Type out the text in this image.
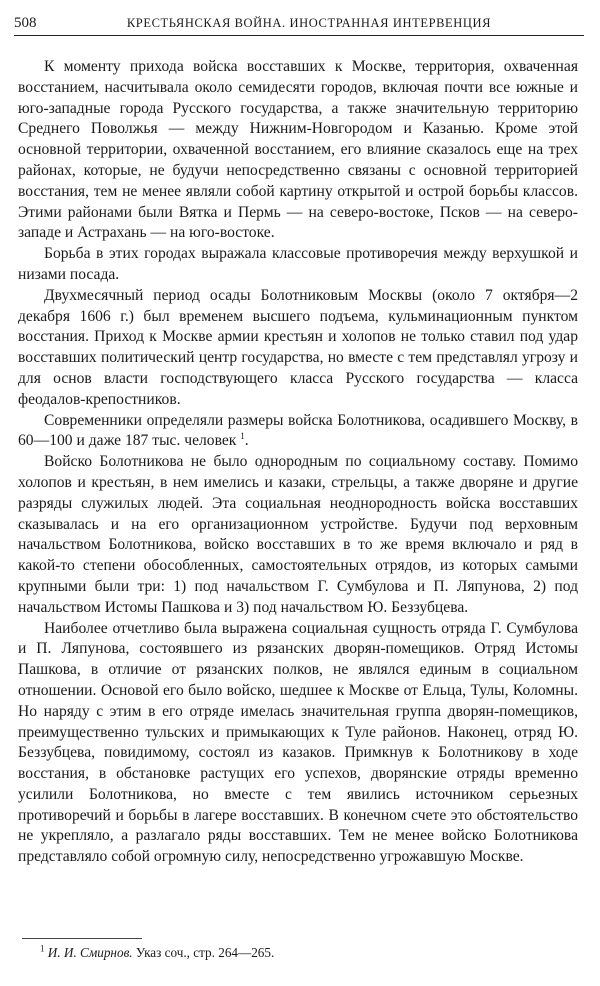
508	КРЕСТЬЯНСКАЯ ВОЙНА. ИНОСТРАННАЯ ИНТЕРВЕНЦИЯ

К моменту прихода войска восставших к Москве, территория, охваченная восстанием, насчитывала около семидесяти городов, включая почти все южные и юго-западные города Русского государства, а также значительную территорию Среднего Поволжья — между Нижним-Новгородом и Казанью. Кроме этой основной территории, охваченной восстанием, его влияние сказалось еще на трех районах, которые, не будучи непосредственно связаны с основной территорией восстания, тем не менее являли собой картину открытой и острой борьбы классов. Этими районами были Вятка и Пермь — на северо-востоке, Псков — на северо-западе и Астрахань — на юго-востоке.

Борьба в этих городах выражала классовые противоречия между верхушкой и низами посада.

Двухмесячный период осады Болотниковым Москвы (около 7 октября—2 декабря 1606 г.) был временем высшего подъема, кульминационным пунктом восстания. Приход к Москве армии крестьян и холопов не только ставил под удар восставших политический центр государства, но вместе с тем представлял угрозу и для основ власти господствующего класса Русского государства — класса феодалов-крепостников.

Современники определяли размеры войска Болотникова, осадившего Москву, в 60—100 и даже 187 тыс. человек $^1$.

Войско Болотникова не было однородным по социальному составу. Помимо холопов и крестьян, в нем имелись и казаки, стрельцы, а также дворяне и другие разряды служилых людей. Эта социальная неоднородность войска восставших сказывалась и на его организационном устройстве. Будучи под верховным начальством Болотникова, войско восставших в то же время включало и ряд в какой-то степени обособленных, самостоятельных отрядов, из которых самыми крупными были три: 1) под начальством Г. Сумбулова и П. Ляпунова, 2) под начальством Истомы Пашкова и 3) под начальством Ю. Беззубцева.

Наиболее отчетливо была выражена социальная сущность отряда Г. Сумбулова и П. Ляпунова, состоявшего из рязанских дворян-помещиков. Отряд Истомы Пашкова, в отличие от рязанских полков, не являлся единым в социальном отношении. Основой его было войско, шедшее к Москве от Ельца, Тулы, Коломны. Но наряду с этим в его отряде имелась значительная группа дворян-помещиков, преимущественно тульских и примыкающих к Туле районов. Наконец, отряд Ю. Беззубцева, повидимому, состоял из казаков. Примкнув к Болотникову в ходе восстания, в обстановке растущих его успехов, дворянские отряды временно усилили Болотникова, но вместе с тем явились источником серьезных противоречий и борьбы в лагере восставших. В конечном счете это обстоятельство не укрепляло, а разлагало ряды восставших. Тем не менее войско Болотникова представляло собой огромную силу, непосредственно угрожавшую Москве.

$^1$ И. И. Смирнов. Указ соч., стр. 264—265.
